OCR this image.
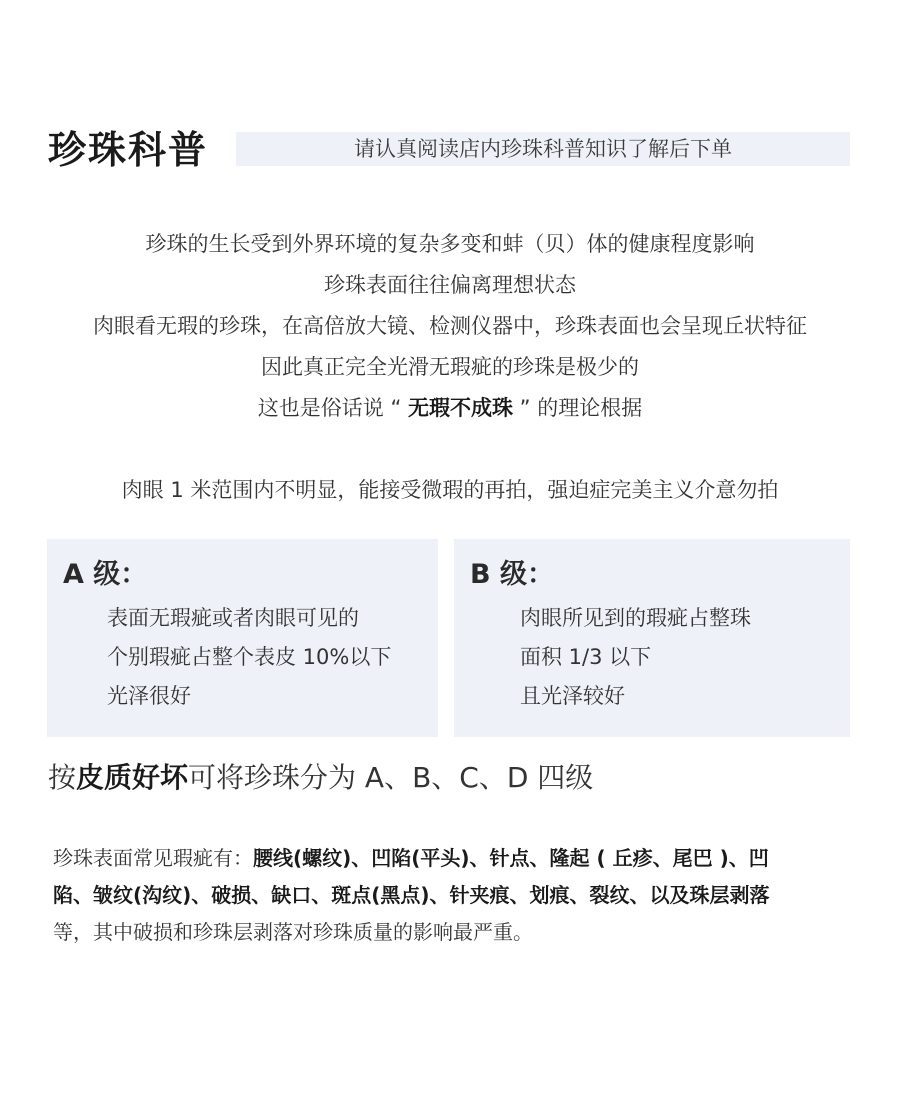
珍珠科普	请认真阅读店内珍珠科普知识了解后下单

珍珠的生长受到外界环境的复杂多变和蚌（贝）体的健康程度影响

珍珠表面往往偏离理想状态

肉眼看无瑕的珍珠，在高倍放大镜、检测仪器中，珍珠表面也会呈现丘状特征

因此真正完全光滑无瑕疵的珍珠是极少的

这也是俗话说 “ 无瑕不成珠 ” 的理论根据

肉眼 1 米范围内不明显，能接受微瑕的再拍，强迫症完美主义介意勿拍
A 级：
表面无瑕疵或者肉眼可见的
个别瑕疵占整个表皮 10%以下
光泽很好
B 级：
肉眼所见到的瑕疵占整珠
面积 1/3 以下
且光泽较好
按皮质好坏可将珍珠分为 A、B、C、D 四级

珍珠表面常见瑕疵有：腰线(螺纹)、凹陷(平头)、针点、隆起 ( 丘疹、尾巴 )、凹

陷、皱纹(沟纹)、破损、缺口、斑点(黑点)、针夹痕、划痕、裂纹、以及珠层剥落

等，其中破损和珍珠层剥落对珍珠质量的影响最严重。
